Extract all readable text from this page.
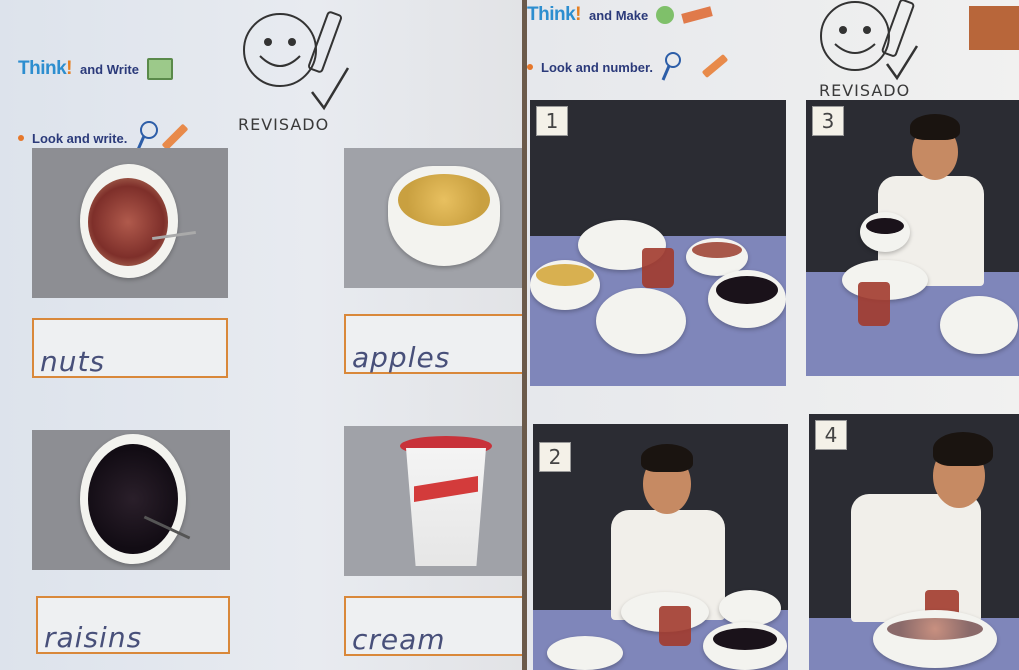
Think! and Write
Look and write.
REVISADO
nuts	apples
raisins	cream
Think! and Make
Look and number.
REVISADO
1	3
2
4
